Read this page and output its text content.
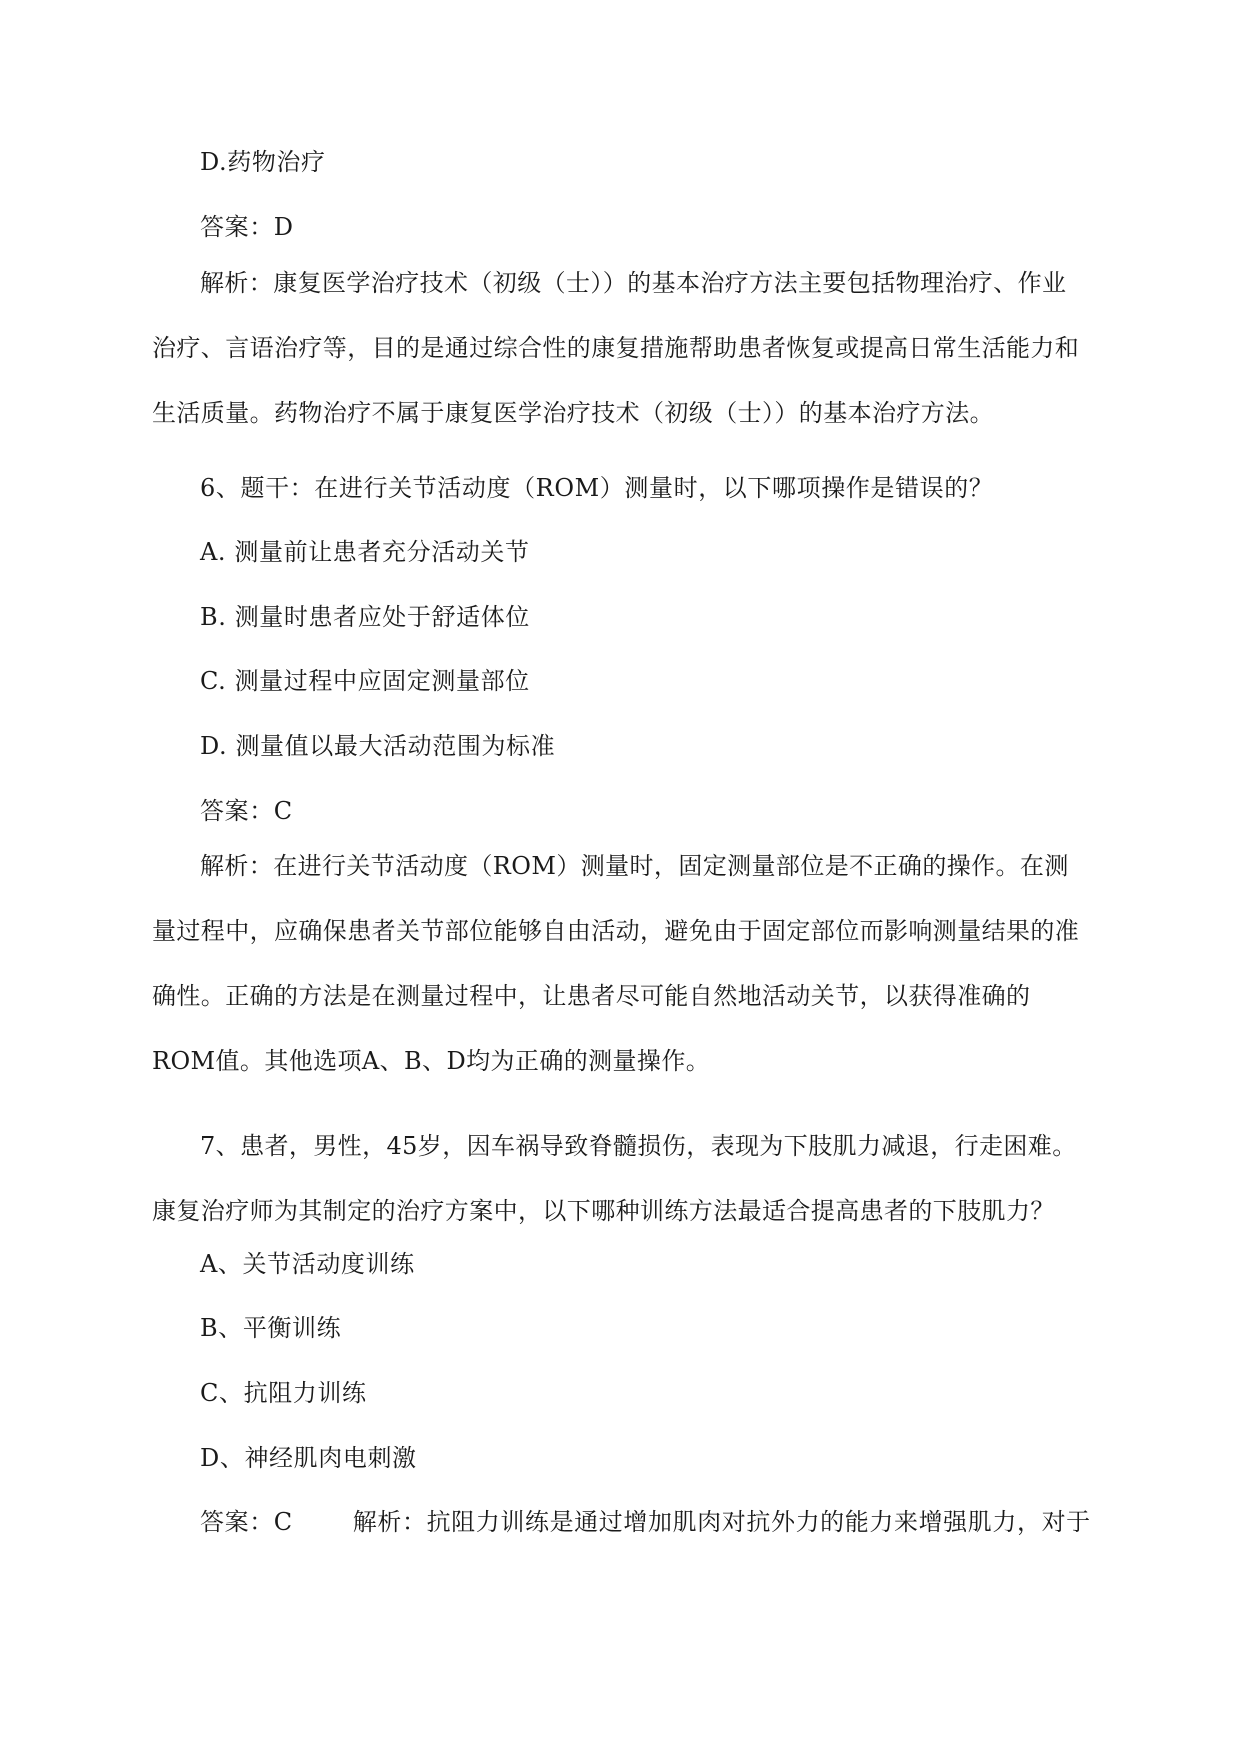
D.药物治疗
答案：D
解析：康复医学治疗技术（初级（士））的基本治疗方法主要包括物理治疗、作业治疗、言语治疗等，目的是通过综合性的康复措施帮助患者恢复或提高日常生活能力和生活质量。药物治疗不属于康复医学治疗技术（初级（士））的基本治疗方法。
6、题干：在进行关节活动度（ROM）测量时，以下哪项操作是错误的？
A. 测量前让患者充分活动关节
B. 测量时患者应处于舒适体位
C. 测量过程中应固定测量部位
D. 测量值以最大活动范围为标准
答案：C
解析：在进行关节活动度（ROM）测量时，固定测量部位是不正确的操作。在测量过程中，应确保患者关节部位能够自由活动，避免由于固定部位而影响测量结果的准确性。正确的方法是在测量过程中，让患者尽可能自然地活动关节，以获得准确的ROM值。其他选项A、B、D均为正确的测量操作。
7、患者，男性，45岁，因车祸导致脊髓损伤，表现为下肢肌力减退，行走困难。康复治疗师为其制定的治疗方案中，以下哪种训练方法最适合提高患者的下肢肌力？
A、关节活动度训练
B、平衡训练
C、抗阻力训练
D、神经肌肉电刺激
答案：C	解析：抗阻力训练是通过增加肌肉对抗外力的能力来增强肌力，对于
